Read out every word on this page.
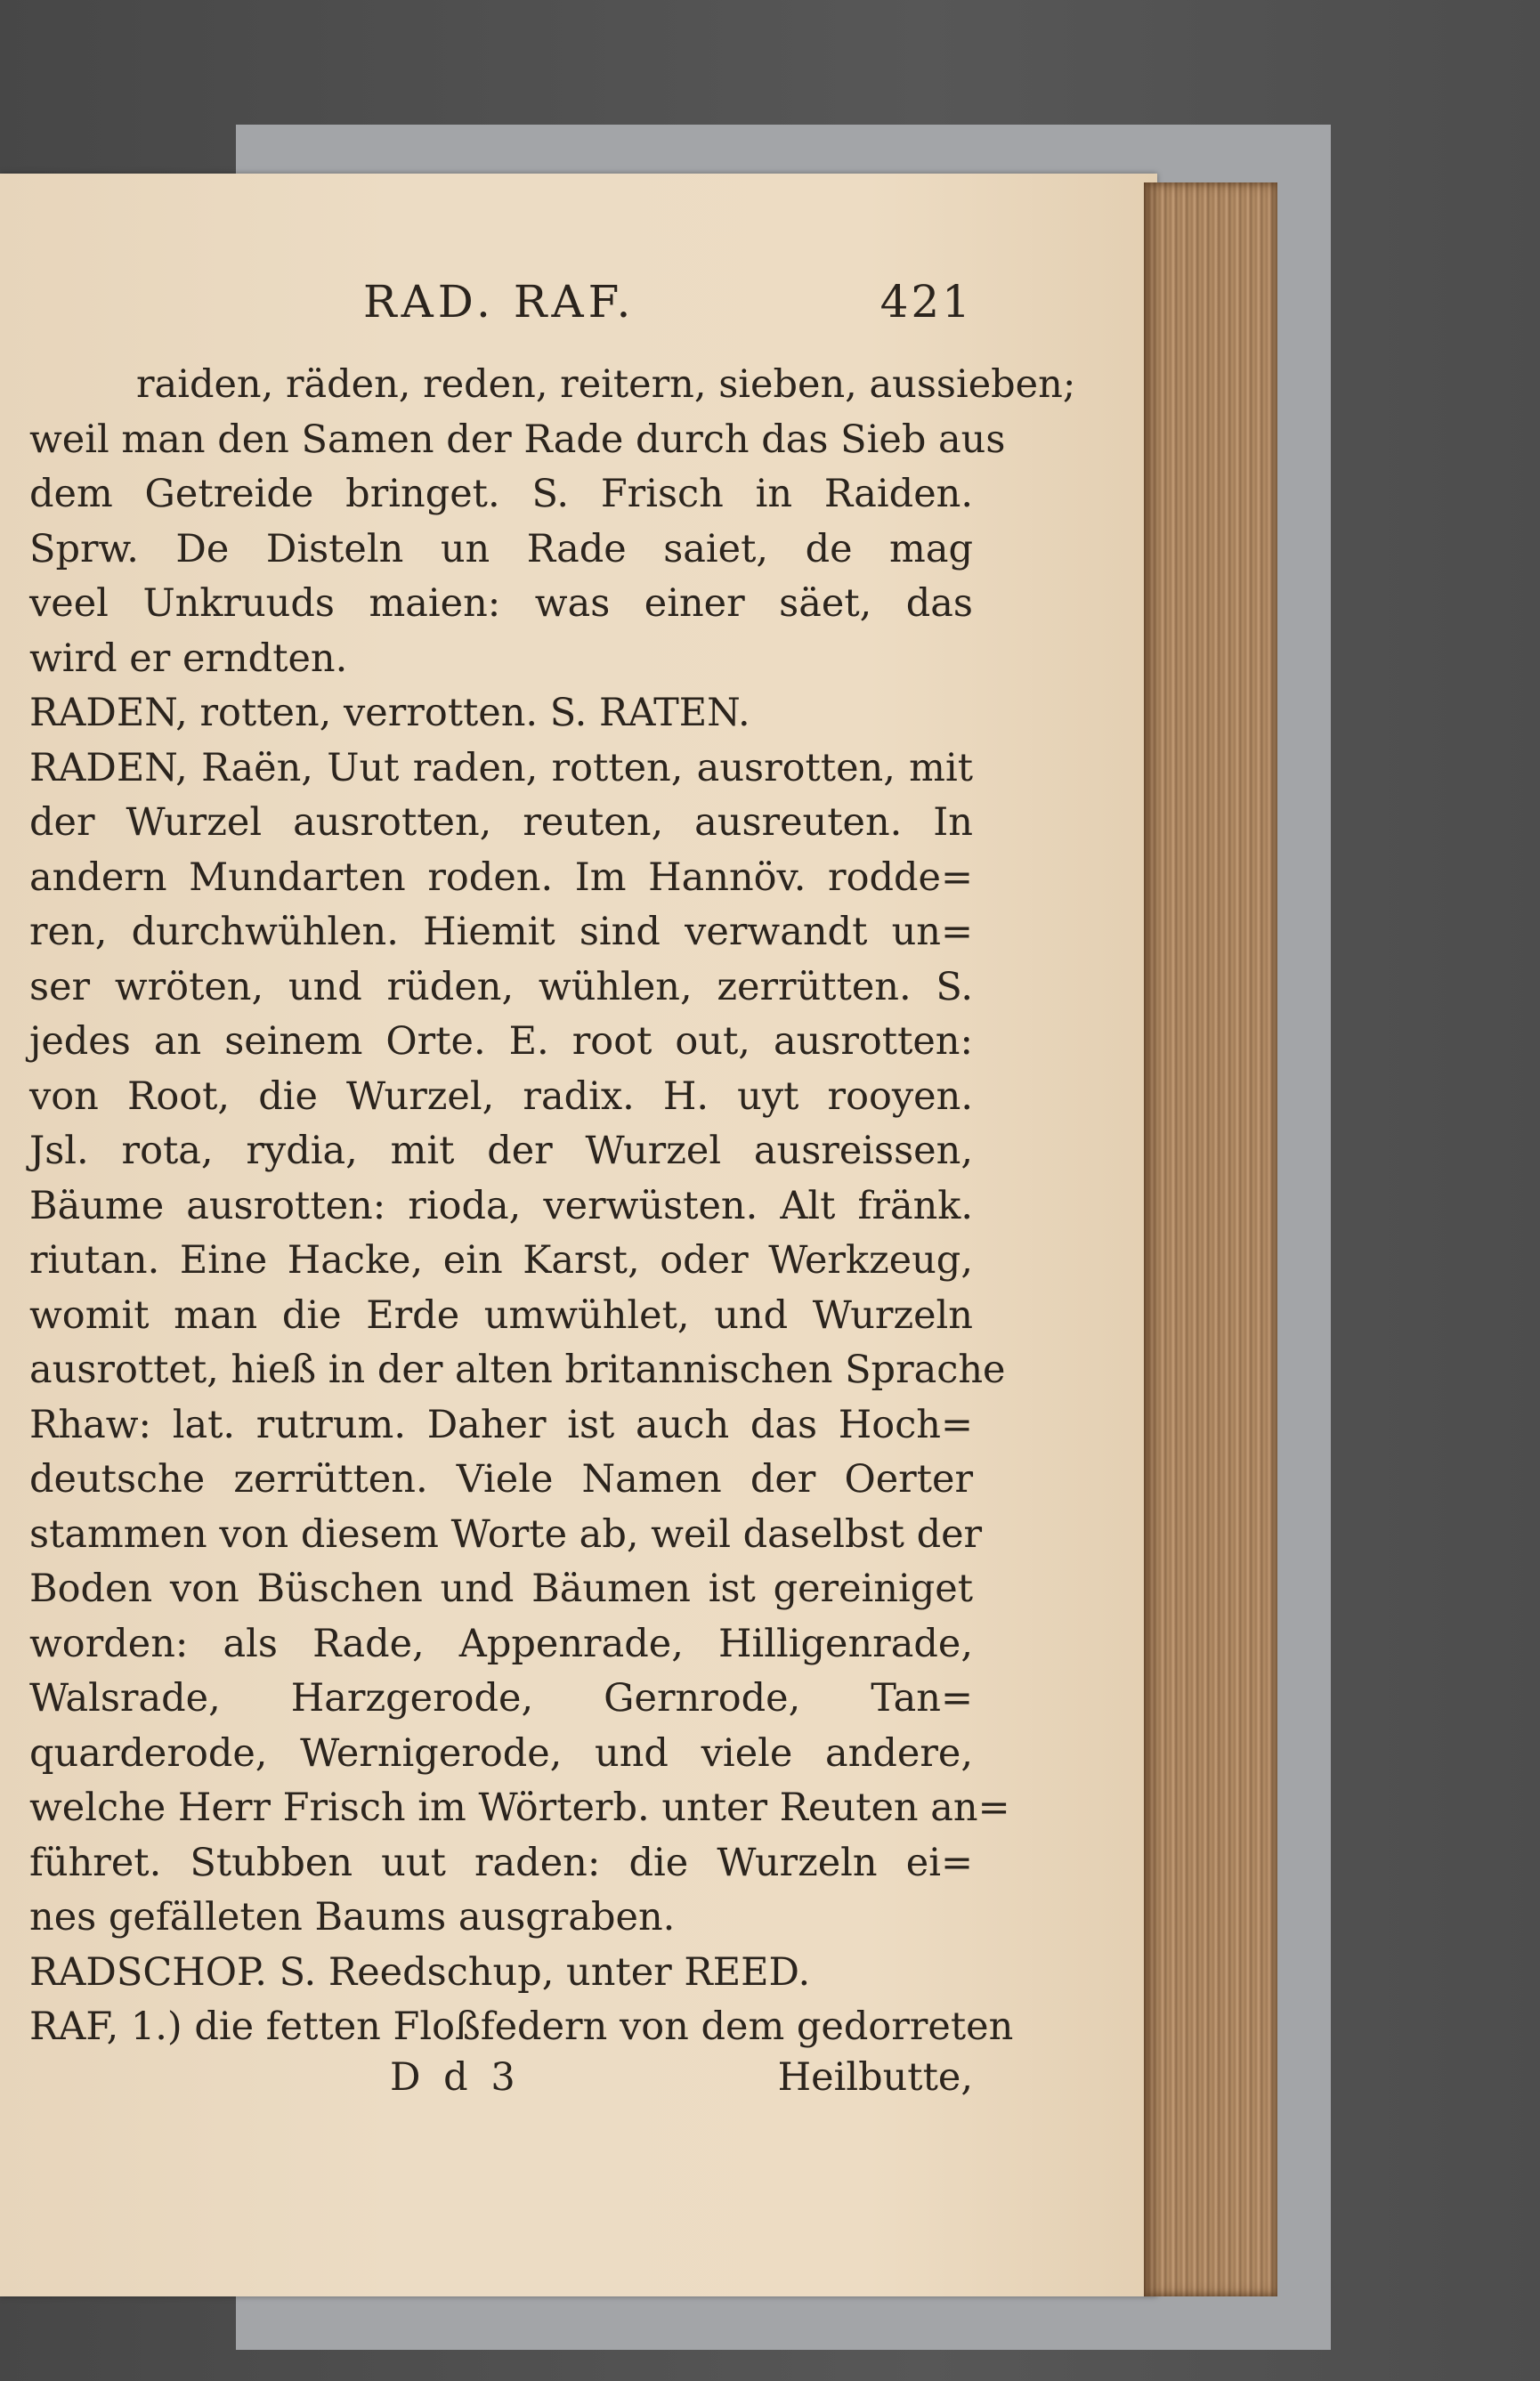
RAD. RAF.	421
raiden, räden, reden, reitern, sieben, aussieben;
weil man den Samen der Rade durch das Sieb aus
dem Getreide bringet. S. Frisch in Raiden.
Sprw. De Disteln un Rade saiet, de mag
veel Unkruuds maien: was einer säet, das
wird er erndten.
RADEN, rotten, verrotten. S. RATEN.
RADEN, Raën, Uut raden, rotten, ausrotten, mit
der Wurzel ausrotten, reuten, ausreuten. In
andern Mundarten roden. Im Hannöv. rodde=
ren, durchwühlen. Hiemit sind verwandt un=
ser wröten, und rüden, wühlen, zerrütten. S.
jedes an seinem Orte. E. root out, ausrotten:
von Root, die Wurzel, radix. H. uyt rooyen.
Jsl. rota, rydia, mit der Wurzel ausreissen,
Bäume ausrotten: rioda, verwüsten. Alt fränk.
riutan. Eine Hacke, ein Karst, oder Werkzeug,
womit man die Erde umwühlet, und Wurzeln
ausrottet, hieß in der alten britannischen Sprache
Rhaw: lat. rutrum. Daher ist auch das Hoch=
deutsche zerrütten. Viele Namen der Oerter
stammen von diesem Worte ab, weil daselbst der
Boden von Büschen und Bäumen ist gereiniget
worden: als Rade, Appenrade, Hilligenrade,
Walsrade, Harzgerode, Gernrode, Tan=
quarderode, Wernigerode, und viele andere,
welche Herr Frisch im Wörterb. unter Reuten an=
führet. Stubben uut raden: die Wurzeln ei=
nes gefälleten Baums ausgraben.
RADSCHOP. S. Reedschup, unter REED.
RAF, 1.) die fetten Floßfedern von dem gedorreten
D d 3	Heilbutte,
